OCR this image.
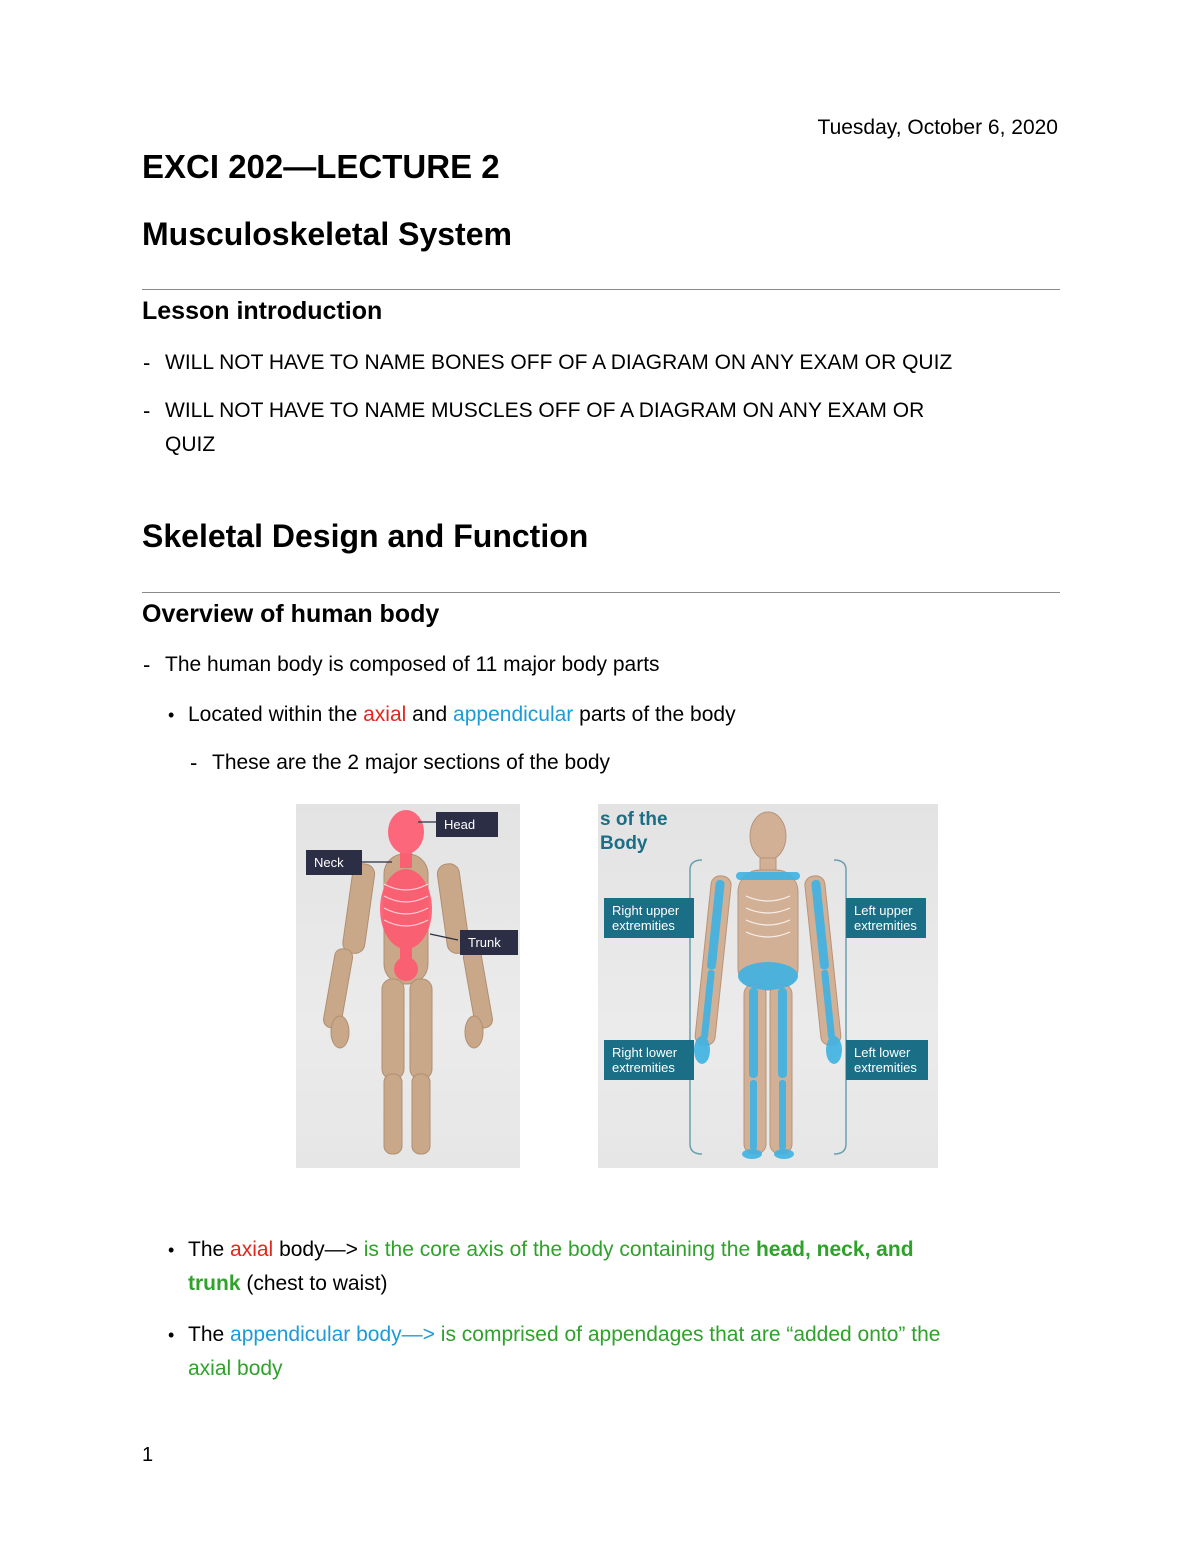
Tuesday, October 6, 2020
EXCI 202—LECTURE 2
Musculoskeletal System
Lesson introduction
- WILL NOT HAVE TO NAME BONES OFF OF A DIAGRAM ON ANY EXAM OR QUIZ
- WILL NOT HAVE TO NAME MUSCLES OFF OF A DIAGRAM ON ANY EXAM OR
QUIZ
Skeletal Design and Function
Overview of human body
- The human body is composed of 11 major body parts
• Located within the axial and appendicular parts of the body
- These are the 2 major sections of the body
Head
Neck
Trunk
s of the
Body
Right upper
extremities
Left upper
extremities
Right lower
extremities
Left lower
extremities
• The axial body—> is the core axis of the body containing the head, neck, and
trunk (chest to waist)
• The appendicular body—> is comprised of appendages that are “added onto” the
axial body
1
